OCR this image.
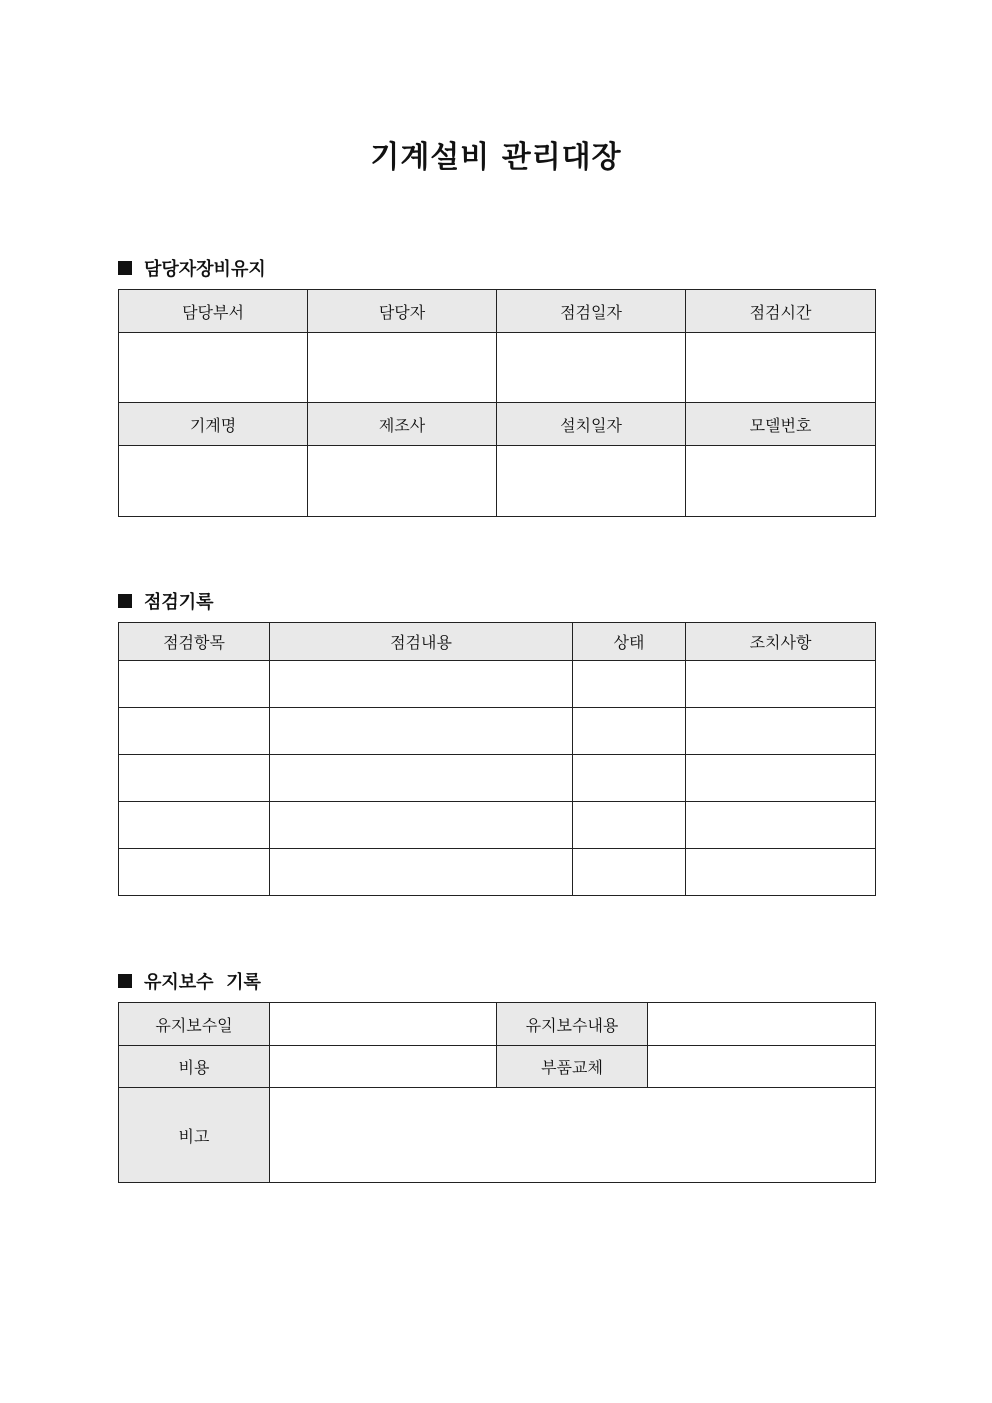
기계설비 관리대장
담당자장비유지
담당부서	담당자	점검일자	점검시간

기계명	제조사	설치일자	모델번호

점검기록
점검항목	점검내용	상태	조치사항

유지보수  기록
유지보수일		유지보수내용	
비용		부품교체	
비고			
